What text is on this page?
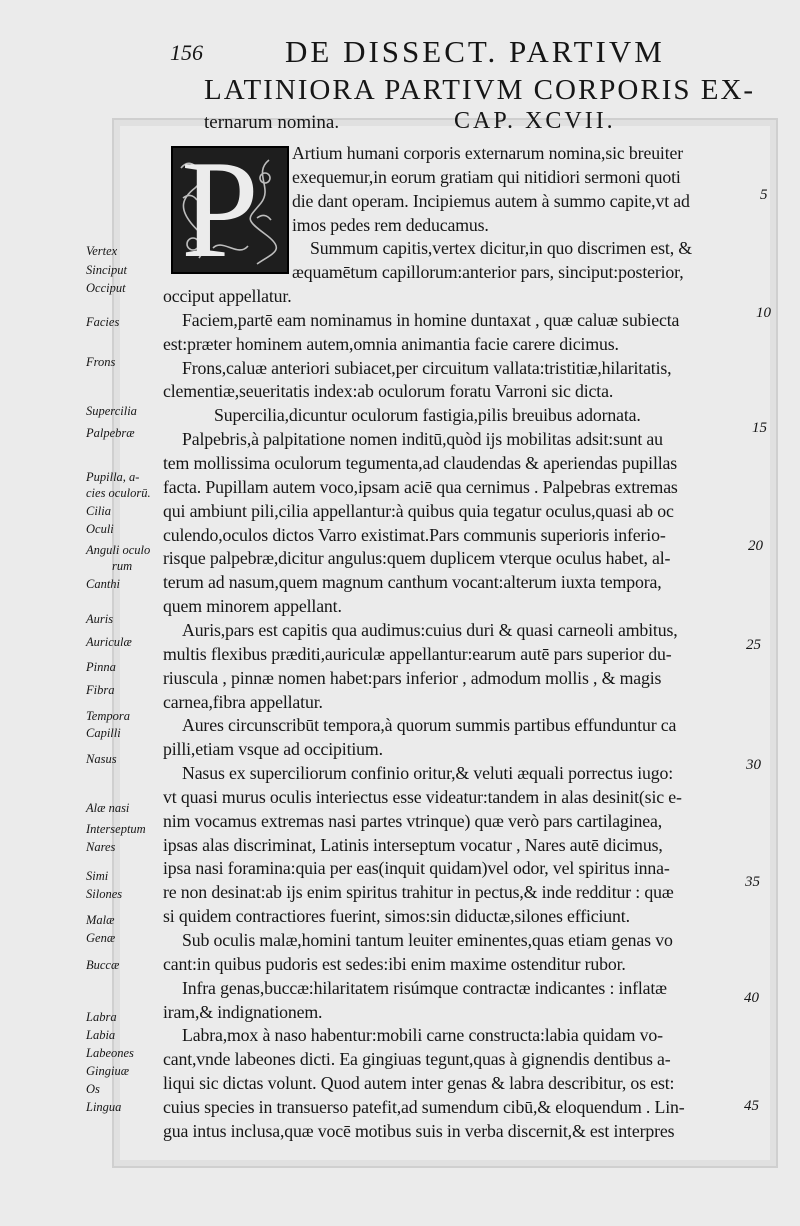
156	DE DISSECT. PARTIVM
LATINIORA PARTIVM CORPORIS EX-
ternarum nomina.	CAP. XCVII.
P Artium humani corporis externarum nomina,sic breuiter
exequemur,in eorum gratiam qui nitidiori sermoni quoti
die dant operam. Incipiemus autem à summo capite,vt ad
imos pedes rem deducamus.
Summum capitis,vertex dicitur,in quo discrimen est, &
æquamētum capillorum:anterior pars, sinciput:posterior,
occiput appellatur.
Faciem,partē eam nominamus in homine duntaxat , quæ caluæ subiecta
est:præter hominem autem,omnia animantia facie carere dicimus.
Frons,caluæ anteriori subiacet,per circuitum vallata:tristitiæ,hilaritatis,
clementiæ,seueritatis index:ab oculorum foratu Varroni sic dicta.
Supercilia,dicuntur oculorum fastigia,pilis breuibus adornata.
Palpebris,à palpitatione nomen inditū,quòd ijs mobilitas adsit:sunt au
tem mollissima oculorum tegumenta,ad claudendas & aperiendas pupillas
facta. Pupillam autem voco,ipsam aciē qua cernimus . Palpebras extremas
qui ambiunt pili,cilia appellantur:à quibus quia tegatur oculus,quasi ab oc
culendo,oculos dictos Varro existimat.Pars communis superioris inferio-
risque palpebræ,dicitur angulus:quem duplicem vterque oculus habet, al-
terum ad nasum,quem magnum canthum vocant:alterum iuxta tempora,
quem minorem appellant.
Auris,pars est capitis qua audimus:cuius duri & quasi carneoli ambitus,
multis flexibus præditi,auriculæ appellantur:earum autē pars superior du-
riuscula , pinnæ nomen habet:pars inferior , admodum mollis , & magis
carnea,fibra appellatur.
Aures circunscribūt tempora,à quorum summis partibus effunduntur ca
pilli,etiam vsque ad occipitium.
Nasus ex superciliorum confinio oritur,& veluti æquali porrectus iugo:
vt quasi murus oculis interiectus esse videatur:tandem in alas desinit(sic e-
nim vocamus extremas nasi partes vtrinque) quæ verò pars cartilaginea,
ipsas alas discriminat, Latinis interseptum vocatur , Nares autē dicimus,
ipsa nasi foramina:quia per eas(inquit quidam)vel odor, vel spiritus inna-
re non desinat:ab ijs enim spiritus trahitur in pectus,& inde redditur : quæ
si quidem contractiores fuerint, simos:sin diductæ,silones efficiunt.
Sub oculis malæ,homini tantum leuiter eminentes,quas etiam genas vo
cant:in quibus pudoris est sedes:ibi enim maxime ostenditur rubor.
Infra genas,buccæ:hilaritatem risúmque contractæ indicantes : inflatæ
iram,& indignationem.
Labra,mox à naso habentur:mobili carne constructa:labia quidam vo-
cant,vnde labeones dicti. Ea gingiuas tegunt,quas à gignendis dentibus a-
liqui sic dictas volunt. Quod autem inter genas & labra describitur, os est:
cuius species in transuerso patefit,ad sumendum cibū,& eloquendum . Lin-
gua intus inclusa,quæ vocē motibus suis in verba discernit,& est interpres
Vertex
Sinciput
Occiput
Facies
Frons
Supercilia
Palpebræ
Pupilla, a-
cies oculorū.
Cilia
Oculi
Anguli oculo
rum
Canthi
Auris
Auriculæ
Pinna
Fibra
Tempora
Capilli
Nasus
Alæ nasi
Interseptum
Nares
Simi
Silones
Malæ
Genæ
Buccæ
Labra
Labia
Labeones
Gingiuæ
Os
Lingua
5
10
15
20
25
30
35
40
45
